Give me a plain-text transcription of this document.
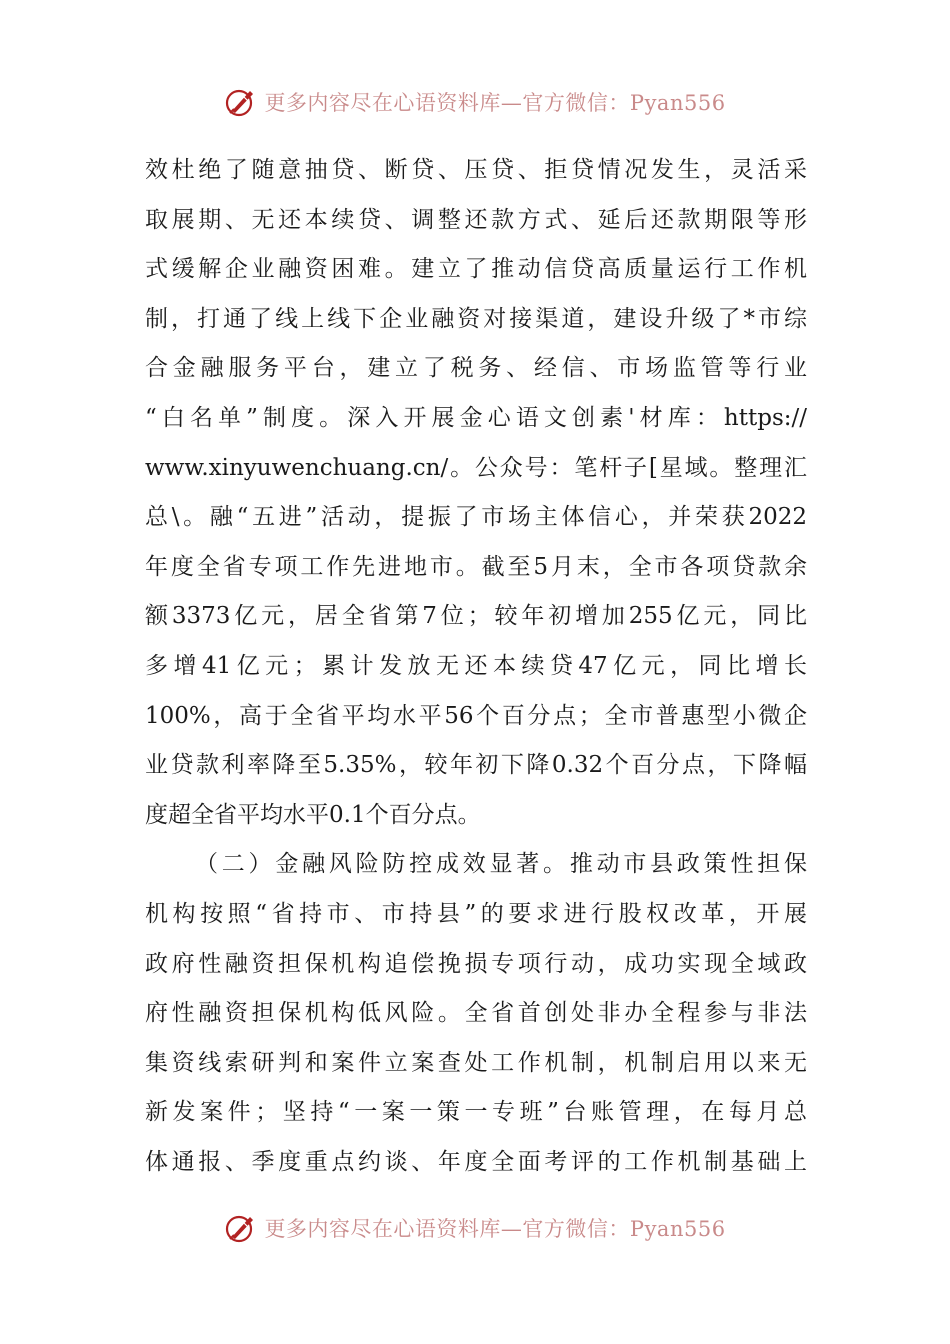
更多内容尽在心语资料库—官方微信：Pyan556
效杜绝了随意抽贷、断贷、压贷、拒贷情况发生，灵活采
取展期、无还本续贷、调整还款方式、延后还款期限等形
式缓解企业融资困难。建立了推动信贷高质量运行工作机
制，打通了线上线下企业融资对接渠道，建设升级了*市综
合金融服务平台，建立了税务、经信、市场监管等行业
“白名单”制度。深入开展金心语文创素'材库：https://
www.xinyuwenchuang.cn/。公众号：笔杆子[星域。整理汇
总\。融“五进”活动，提振了市场主体信心，并荣获2022
年度全省专项工作先进地市。截至5月末，全市各项贷款余
额3373亿元，居全省第7位；较年初增加255亿元，同比
多增41亿元；累计发放无还本续贷47亿元，同比增长
100%，高于全省平均水平56个百分点；全市普惠型小微企
业贷款利率降至5.35%，较年初下降0.32个百分点，下降幅
度超全省平均水平0.1个百分点。
（二）金融风险防控成效显著。推动市县政策性担保
机构按照“省持市、市持县”的要求进行股权改革，开展
政府性融资担保机构追偿挽损专项行动，成功实现全域政
府性融资担保机构低风险。全省首创处非办全程参与非法
集资线索研判和案件立案查处工作机制，机制启用以来无
新发案件；坚持“一案一策一专班”台账管理，在每月总
体通报、季度重点约谈、年度全面考评的工作机制基础上
更多内容尽在心语资料库—官方微信：Pyan556
